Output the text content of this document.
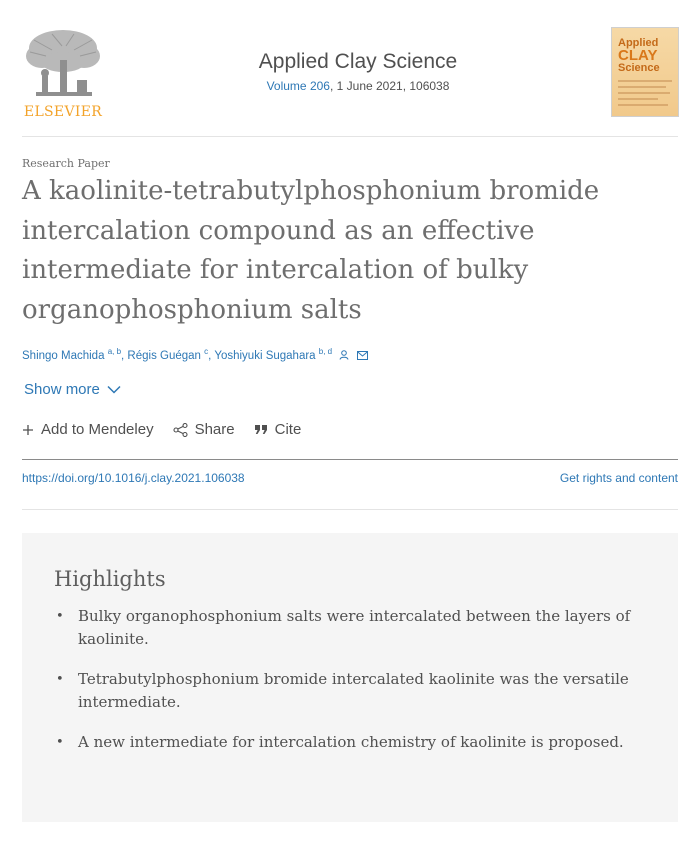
ELSEVIER
Applied Clay Science
Volume 206, 1 June 2021, 106038
Applied
CLAY
Science
Research Paper
A kaolinite-tetrabutylphosphonium bromide intercalation compound as an effective intermediate for intercalation of bulky organophosphonium salts
Shingo Machida $^{a, b}$, Régis Guégan $^c$, Yoshiyuki Sugahara $^{b, d}$
Show more
Add to Mendeley	Share	Cite
https://doi.org/10.1016/j.clay.2021.106038	Get rights and content
Highlights
• Bulky organophosphonium salts were intercalated between the layers of kaolinite.
• Tetrabutylphosphonium bromide intercalated kaolinite was the versatile intermediate.
• A new intermediate for intercalation chemistry of kaolinite is proposed.
